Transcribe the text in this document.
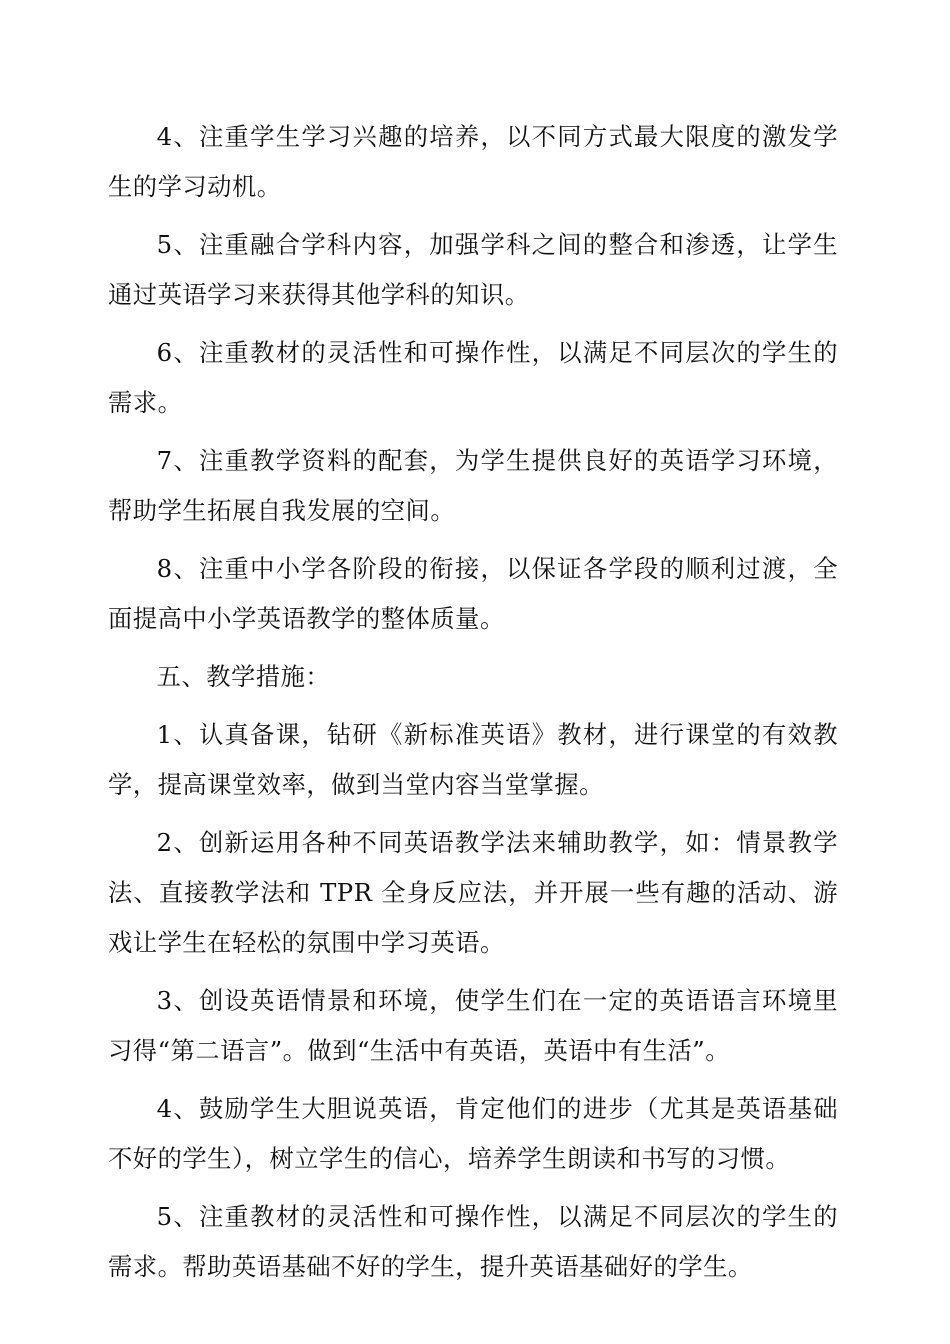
4、注重学生学习兴趣的培养，以不同方式最大限度的激发学生的学习动机。

5、注重融合学科内容，加强学科之间的整合和渗透，让学生通过英语学习来获得其他学科的知识。

6、注重教材的灵活性和可操作性，以满足不同层次的学生的需求。

7、注重教学资料的配套，为学生提供良好的英语学习环境，帮助学生拓展自我发展的空间。

8、注重中小学各阶段的衔接，以保证各学段的顺利过渡，全面提高中小学英语教学的整体质量。

五、教学措施：

1、认真备课，钻研《新标准英语》教材，进行课堂的有效教学，提高课堂效率，做到当堂内容当堂掌握。

2、创新运用各种不同英语教学法来辅助教学，如：情景教学法、直接教学法和 TPR 全身反应法，并开展一些有趣的活动、游戏让学生在轻松的氛围中学习英语。

3、创设英语情景和环境，使学生们在一定的英语语言环境里习得“第二语言”。做到“生活中有英语，英语中有生活”。

4、鼓励学生大胆说英语，肯定他们的进步（尤其是英语基础不好的学生），树立学生的信心，培养学生朗读和书写的习惯。

5、注重教材的灵活性和可操作性，以满足不同层次的学生的需求。帮助英语基础不好的学生，提升英语基础好的学生。
